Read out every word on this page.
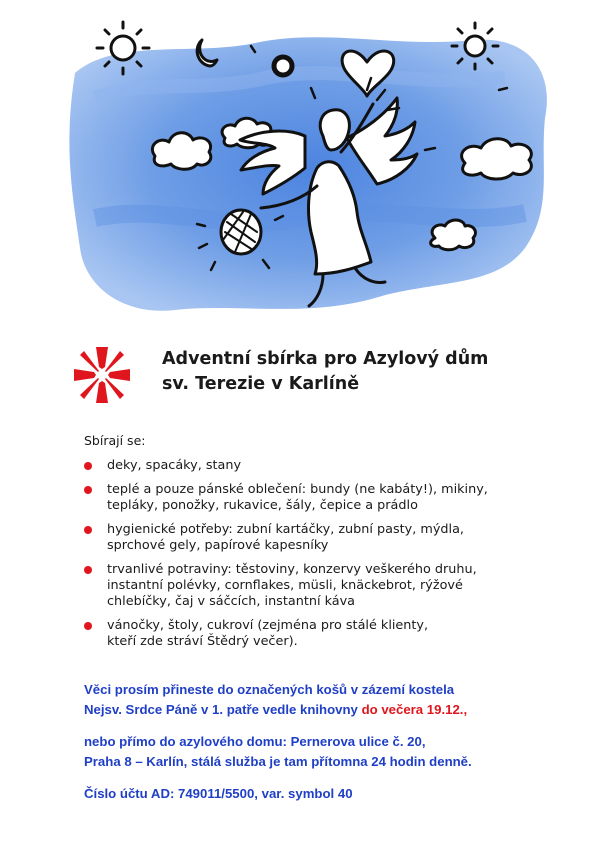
Adventní sbírka pro Azylový dům
sv. Terezie v Karlíně
Sbírají se:
deky, spacáky, stany
teplé a pouze pánské oblečení: bundy (ne kabáty!), mikiny,
tepláky, ponožky, rukavice, šály, čepice a prádlo
hygienické potřeby: zubní kartáčky, zubní pasty, mýdla,
sprchové gely, papírové kapesníky
trvanlivé potraviny: těstoviny, konzervy veškerého druhu,
instantní polévky, cornflakes, müsli, knäckebrot, rýžové
chlebíčky, čaj v sáčcích, instantní káva
vánočky, štoly, cukroví (zejména pro stálé klienty,
kteří zde stráví Štědrý večer).
Věci prosím přineste do označených košů v zázemí kostela
Nejsv. Srdce Páně v 1. patře vedle knihovny do večera 19.12.,
nebo přímo do azylového domu: Pernerova ulice č. 20,
Praha 8 – Karlín, stálá služba je tam přítomna 24 hodin denně.
Číslo účtu AD: 749011/5500, var. symbol 40
